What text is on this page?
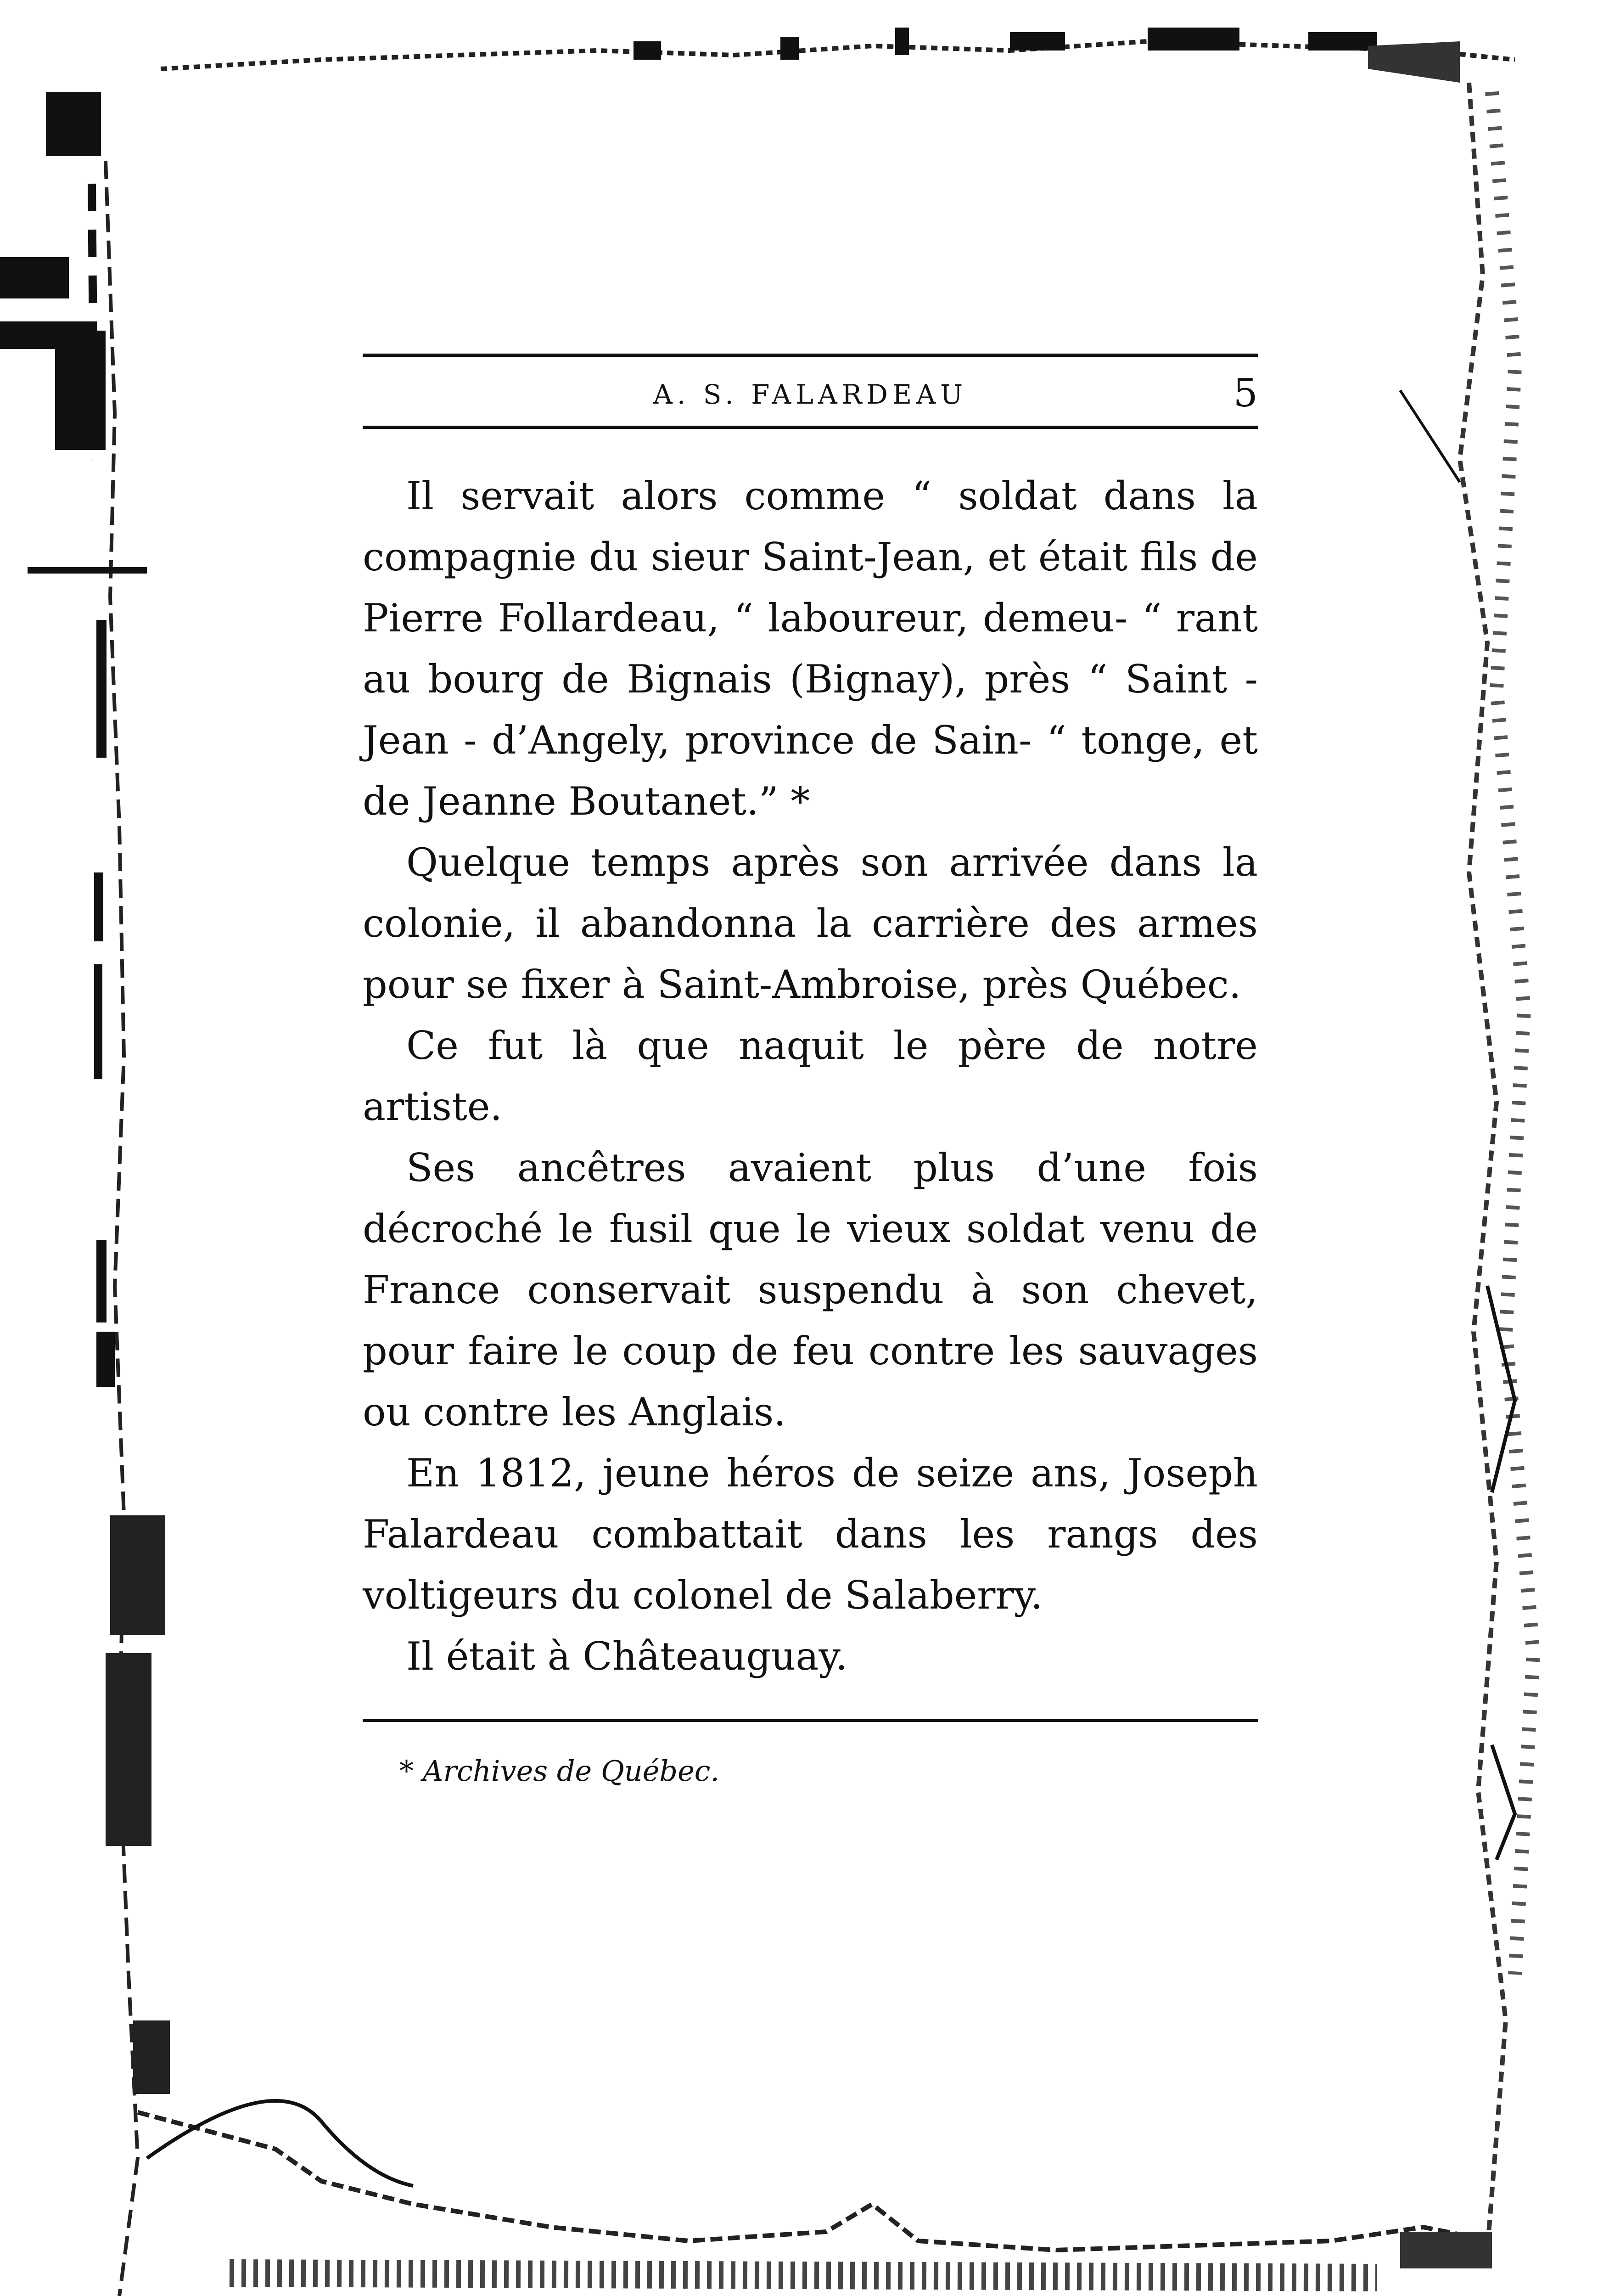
A. S. FALARDEAU	5

Il servait alors comme “ soldat dans la compagnie du sieur Saint-Jean, et était fils de Pierre Follardeau, “ laboureur, demeu- “ rant au bourg de Bignais (Bignay), près “ Saint - Jean - d’Angely, province de Sain- “ tonge, et de Jeanne Boutanet.” *

Quelque temps après son arrivée dans la colonie, il abandonna la carrière des armes pour se fixer à Saint-Ambroise, près Québec.

Ce fut là que naquit le père de notre artiste.

Ses ancêtres avaient plus d’une fois décroché le fusil que le vieux soldat venu de France conservait suspendu à son chevet, pour faire le coup de feu contre les sauvages ou contre les Anglais.

En 1812, jeune héros de seize ans, Joseph Falardeau combattait dans les rangs des voltigeurs du colonel de Salaberry.

Il était à Châteauguay.

* Archives de Québec.
